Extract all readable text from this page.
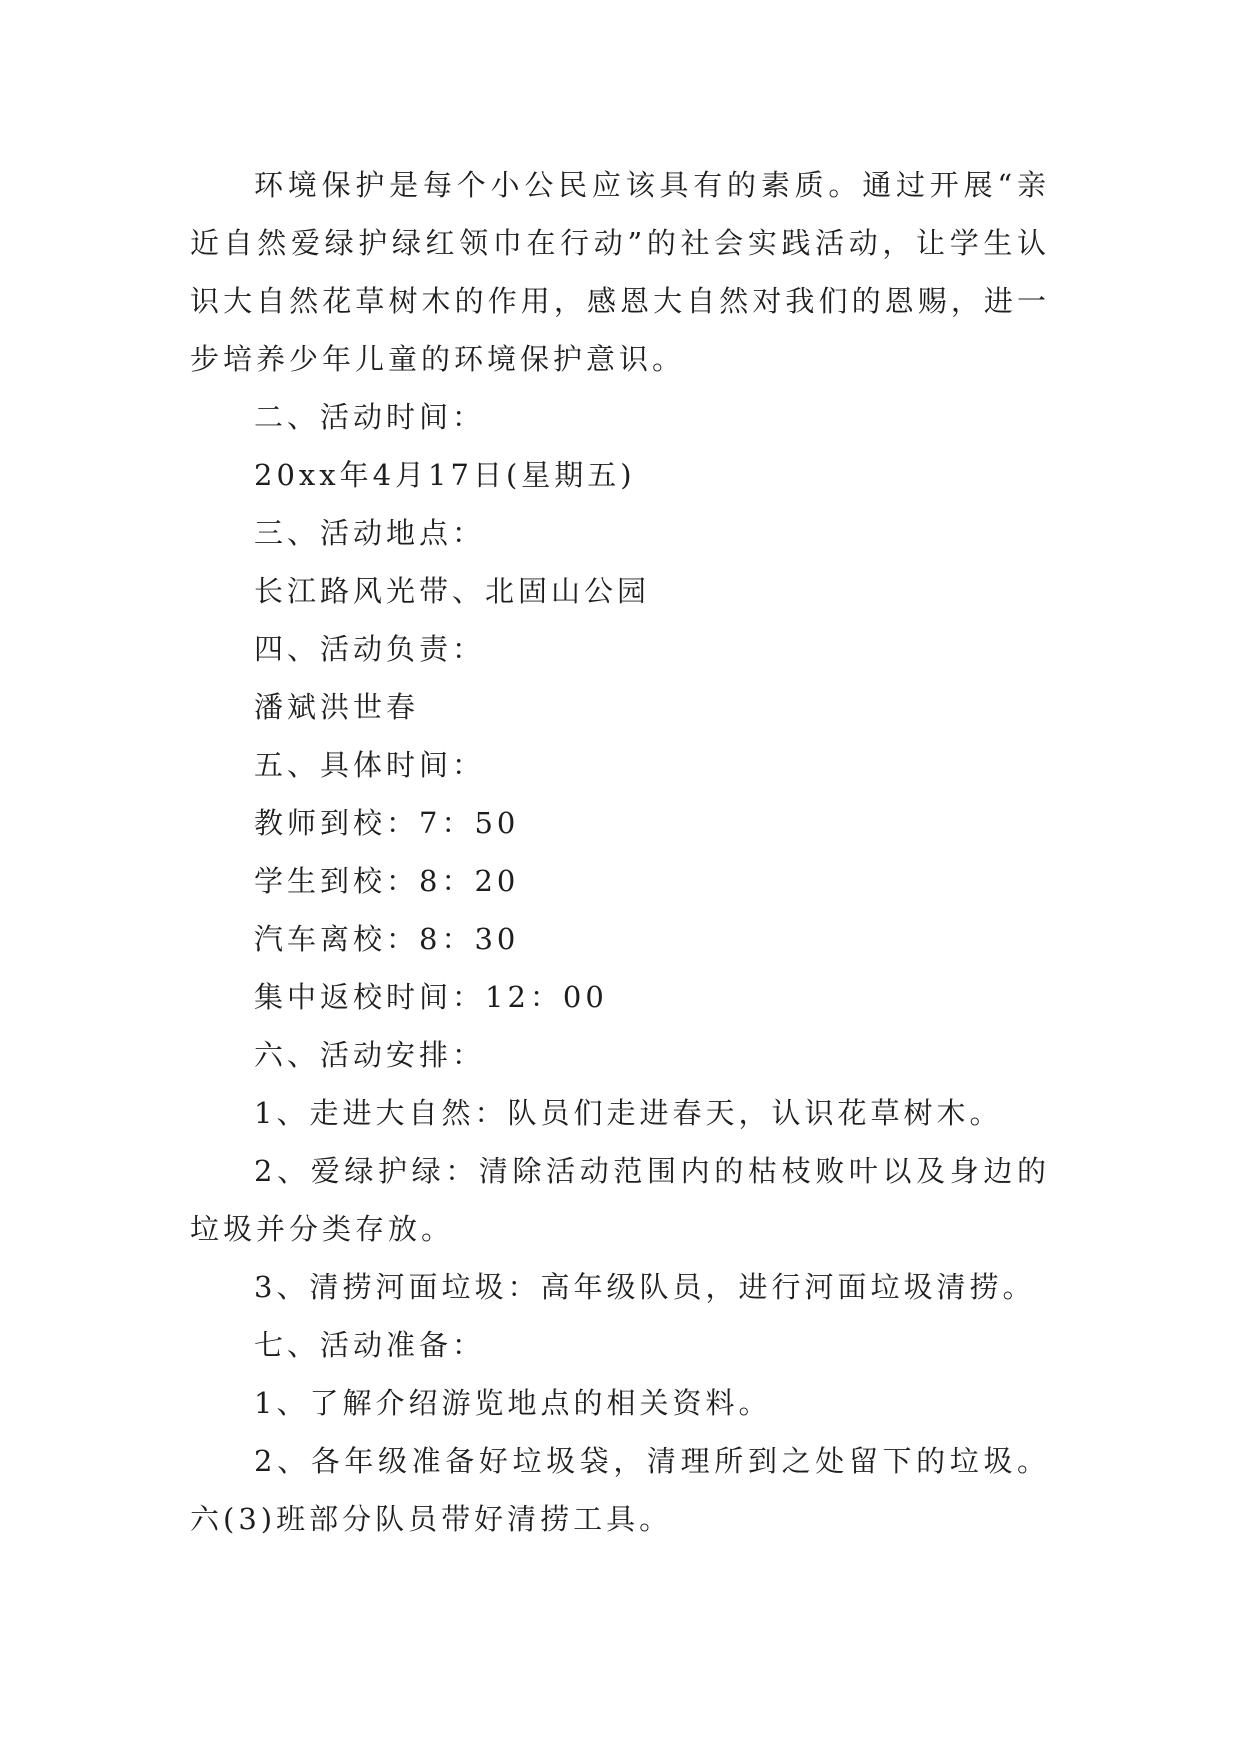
环境保护是每个小公民应该具有的素质。通过开展“亲近自然爱绿护绿红领巾在行动”的社会实践活动，让学生认识大自然花草树木的作用，感恩大自然对我们的恩赐，进一步培养少年儿童的环境保护意识。

二、活动时间：

20xx年4月17日(星期五)

三、活动地点：

长江路风光带、北固山公园

四、活动负责：

潘斌洪世春

五、具体时间：

教师到校：7：50

学生到校：8：20

汽车离校：8：30

集中返校时间：12：00

六、活动安排：

1、走进大自然：队员们走进春天，认识花草树木。

2、爱绿护绿：清除活动范围内的枯枝败叶以及身边的垃圾并分类存放。

3、清捞河面垃圾：高年级队员，进行河面垃圾清捞。

七、活动准备：

1、了解介绍游览地点的相关资料。

2、各年级准备好垃圾袋，清理所到之处留下的垃圾。六(3)班部分队员带好清捞工具。
